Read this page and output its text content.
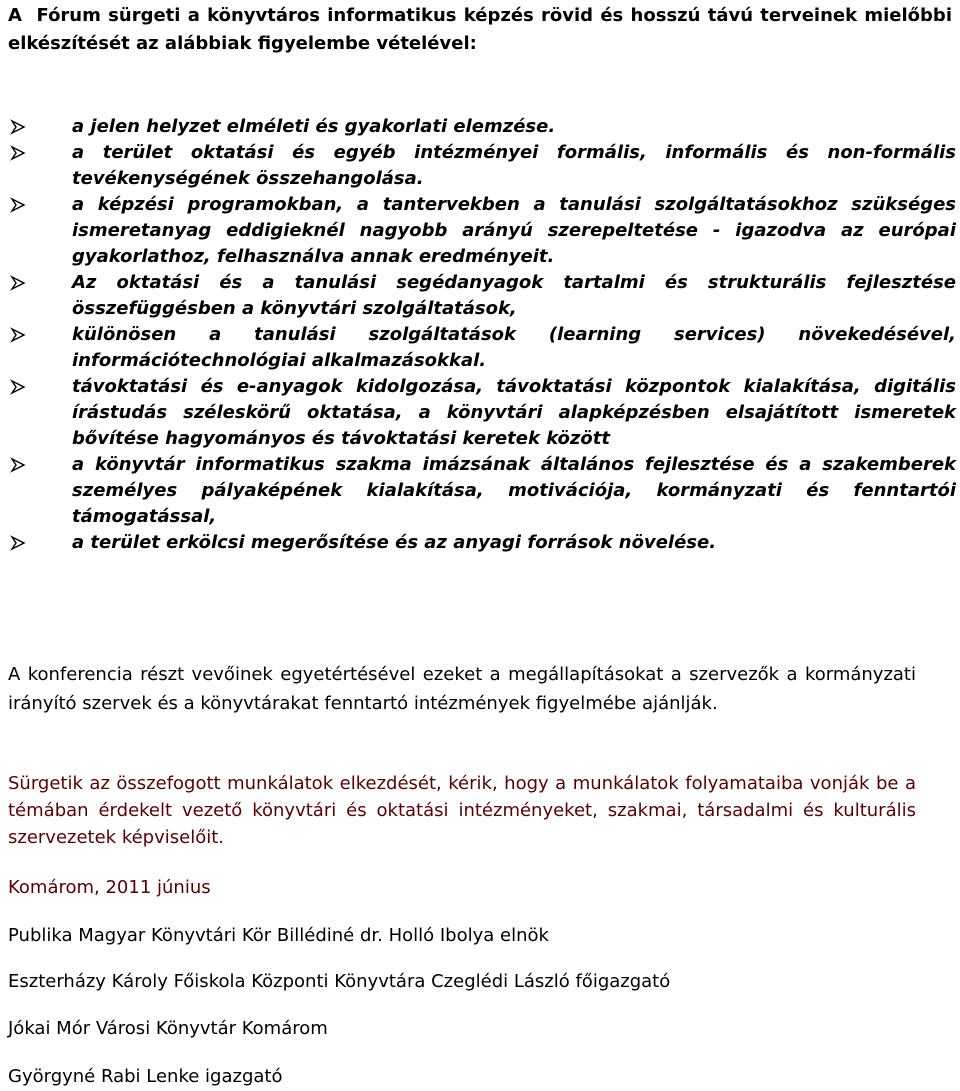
A Fórum sürgeti a könyvtáros informatikus képzés rövid és hosszú távú terveinek mielőbbi elkészítését az alábbiak figyelembe vételével:

a jelen helyzet elméleti és gyakorlati elemzése.
a terület oktatási és egyéb intézményei formális, informális és non-formális tevékenységének összehangolása.
a képzési programokban, a tantervekben a tanulási szolgáltatásokhoz szükséges ismeretanyag eddigieknél nagyobb arányú szerepeltetése - igazodva az európai gyakorlathoz, felhasználva annak eredményeit.
Az oktatási és a tanulási segédanyagok tartalmi és strukturális fejlesztése összefüggésben a könyvtári szolgáltatások,
különösen a tanulási szolgáltatások (learning services) növekedésével, információtechnológiai alkalmazásokkal.
távoktatási és e-anyagok kidolgozása, távoktatási központok kialakítása, digitális írástudás széleskörű oktatása, a könyvtári alapképzésben elsajátított ismeretek bővítése hagyományos és távoktatási keretek között
a könyvtár informatikus szakma imázsának általános fejlesztése és a szakemberek személyes pályaképének kialakítása, motivációja, kormányzati és fenntartói támogatással,
a terület erkölcsi megerősítése és az anyagi források növelése.

A konferencia részt vevőinek egyetértésével ezeket a megállapításokat a szervezők a kormányzati irányító szervek és a könyvtárakat fenntartó intézmények figyelmébe ajánlják.

Sürgetik az összefogott munkálatok elkezdését, kérik, hogy a munkálatok folyamataiba vonják be a témában érdekelt vezető könyvtári és oktatási intézményeket, szakmai, társadalmi és kulturális szervezetek képviselőit.

Komárom, 2011 június

Publika Magyar Könyvtári Kör Billédiné dr. Holló Ibolya elnök

Eszterházy Károly Főiskola Központi Könyvtára Czeglédi László főigazgató

Jókai Mór Városi Könyvtár Komárom

Györgyné Rabi Lenke igazgató
